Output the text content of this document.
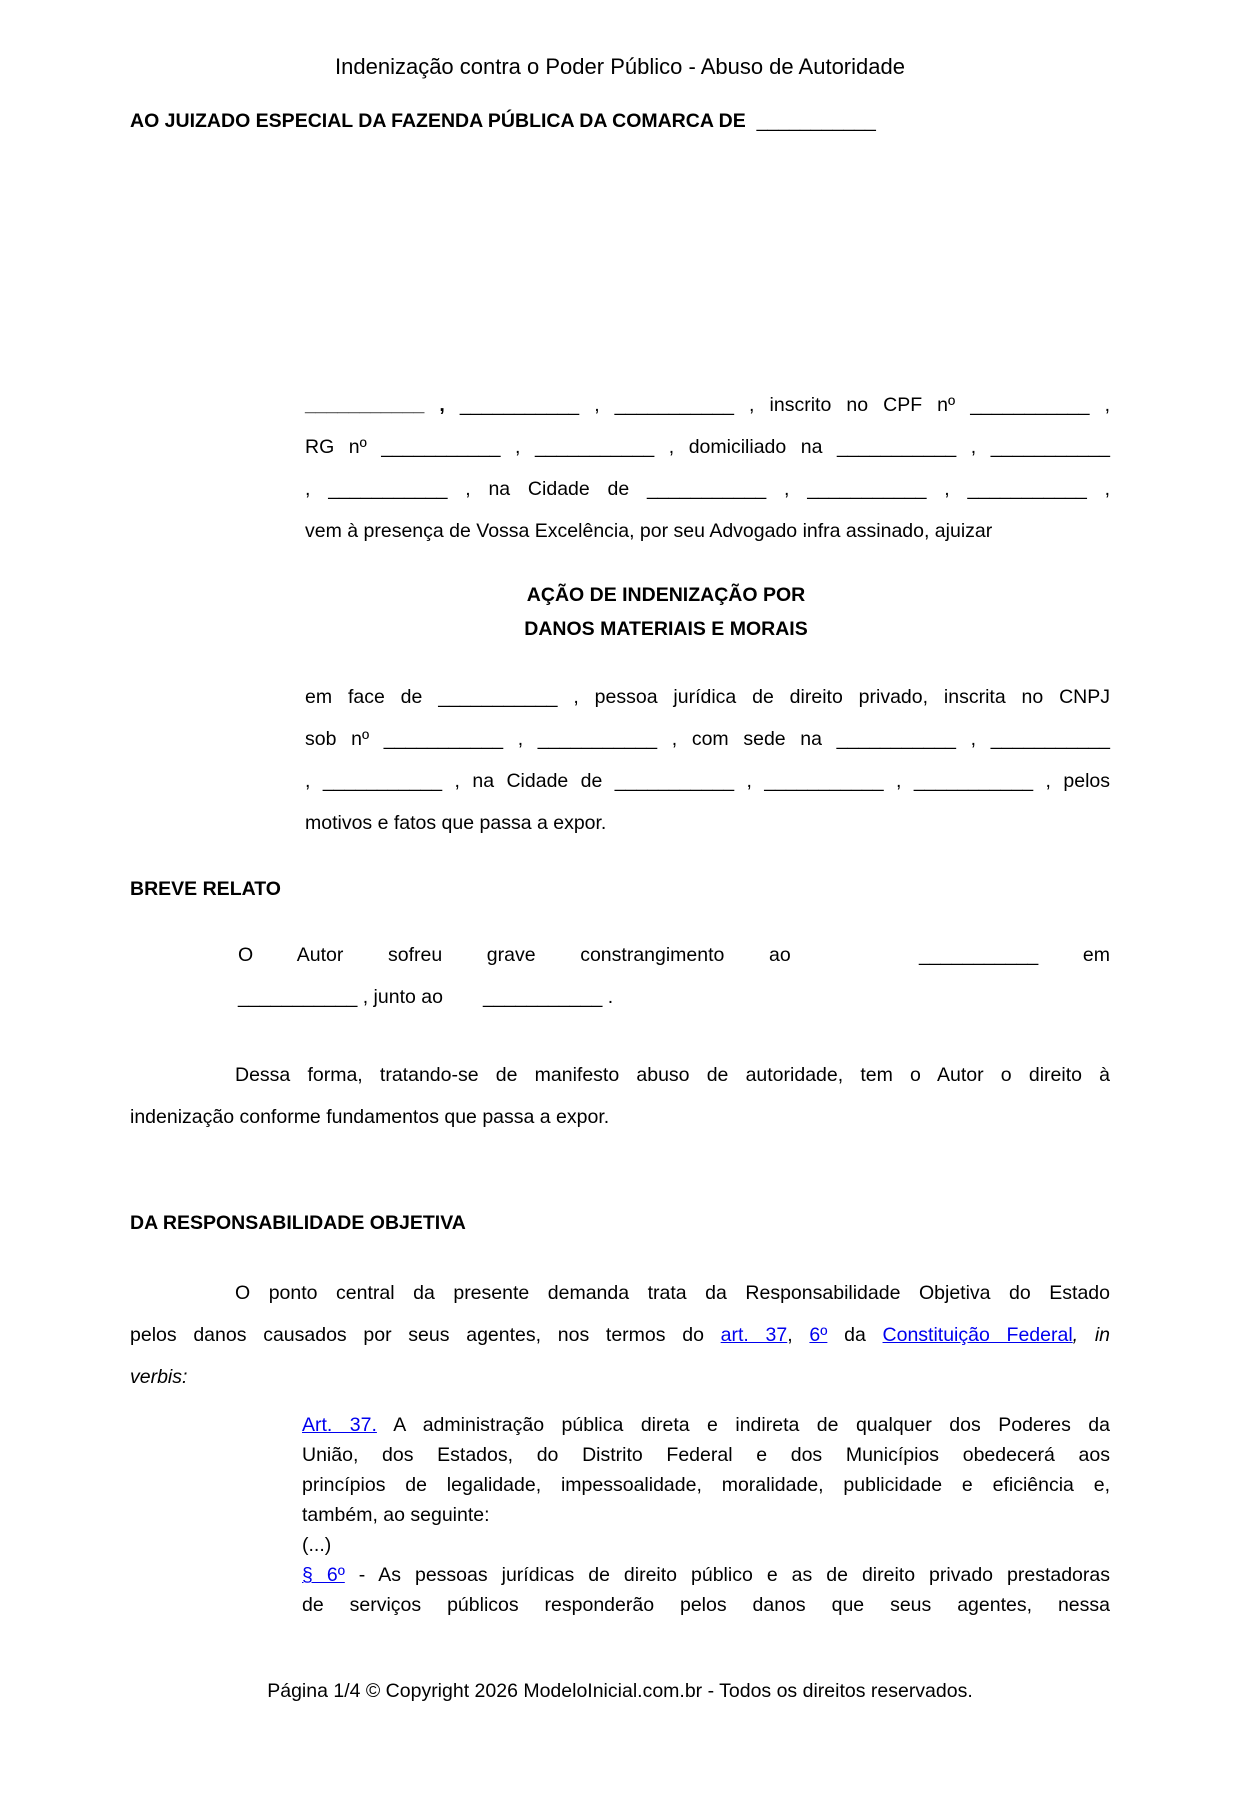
Indenização contra o Poder Público - Abuso de Autoridade
AO JUIZADO ESPECIAL DA FAZENDA PÚBLICA DA COMARCA DE ___________
___________ , ___________ , ___________ , inscrito no CPF nº ___________ ,
RG nº ___________ , ___________ , domiciliado na ___________ , ___________
, ___________ , na Cidade de ___________ , ___________ , ___________ ,
vem à presença de Vossa Excelência, por seu Advogado infra assinado, ajuizar
AÇÃO DE INDENIZAÇÃO POR
DANOS MATERIAIS E MORAIS
em face de ___________ , pessoa jurídica de direito privado, inscrita no CNPJ
sob nº ___________ , ___________ , com sede na ___________ , ___________
, ___________ , na Cidade de ___________ , ___________ , ___________ , pelos
motivos e fatos que passa a expor.
BREVE RELATO
O Autor sofreu grave constrangimento ao    ___________ em
___________ , junto ao    ___________ .
Dessa forma, tratando-se de manifesto abuso de autoridade, tem o Autor o direito à
indenização conforme fundamentos que passa a expor.
DA RESPONSABILIDADE OBJETIVA
O ponto central da presente demanda trata da Responsabilidade Objetiva do Estado
pelos danos causados por seus agentes, nos termos do art. 37, 6º da Constituição Federal, in
verbis:
Art. 37. A administração pública direta e indireta de qualquer dos Poderes da
União, dos Estados, do Distrito Federal e dos Municípios obedecerá aos
princípios de legalidade, impessoalidade, moralidade, publicidade e eficiência e,
também, ao seguinte:
(...)
§ 6º - As pessoas jurídicas de direito público e as de direito privado prestadoras
de serviços públicos responderão pelos danos que seus agentes, nessa
Página 1/4 © Copyright 2026 ModeloInicial.com.br - Todos os direitos reservados.
